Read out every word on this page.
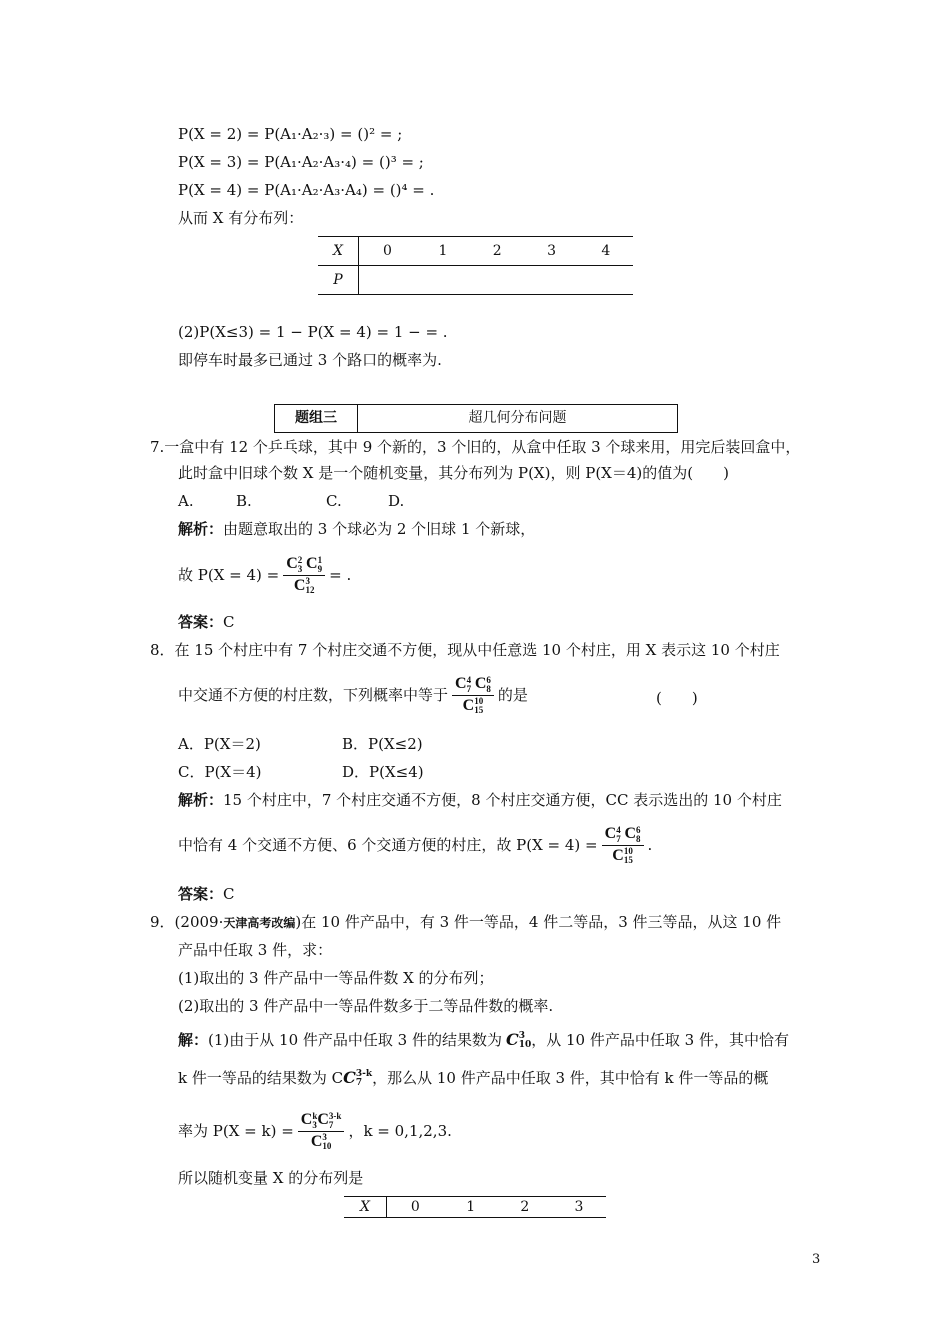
P(X = 2) = P(A₁·A₂·₃) = ()² = ;
P(X = 3) = P(A₁·A₂·A₃·₄) = ()³ = ;
P(X = 4) = P(A₁·A₂·A₃·A₄) = ()⁴ = .
从而 X 有分布列：
X	0	1	2	3	4
P					
(2)P(X≤3) = 1 − P(X = 4) = 1 − = .
即停车时最多已通过 3 个路口的概率为.
题组三	超几何分布问题
7.一盒中有 12 个乒乓球，其中 9 个新的，3 个旧的，从盒中任取 3 个球来用，用完后装回盒中，
此时盒中旧球个数 X 是一个随机变量，其分布列为 P(X)，则 P(X＝4)的值为(　　)
A.	B.	C.	D.
解析：由题意取出的 3 个球必为 2 个旧球 1 个新球，
故 P(X = 4) = C 2
3 C 1
9
C 3
12 = .
答案：C
8．在 15 个村庄中有 7 个村庄交通不方便，现从中任意选 10 个村庄，用 X 表示这 10 个村庄
中交通不方便的村庄数，下列概率中等于 C 4
7 C 6
8
C 10
15 的是	(　　)
A．P(X＝2)	B．P(X≤2)
C．P(X＝4)	D．P(X≤4)
解析：15 个村庄中，7 个村庄交通不方便，8 个村庄交通方便，CC 表示选出的 10 个村庄
中恰有 4 个交通不方便、6 个交通方便的村庄，故 P(X = 4) = C 4
7 C 6
8
C 10
15 .
答案：C
9．(2009·天津高考改编)在 10 件产品中，有 3 件一等品，4 件二等品，3 件三等品，从这 10 件
产品中任取 3 件，求：
(1)取出的 3 件产品中一等品件数 X 的分布列；
(2)取出的 3 件产品中一等品件数多于二等品件数的概率.
解： (1)由于从 10 件产品中任取 3 件的结果数为 C 3
10 ，从 10 件产品中任取 3 件，其中恰有
k 件一等品的结果数为 C C 3-k
7 ，那么从 10 件产品中任取 3 件，其中恰有 k 件一等品的概
率为 P(X = k) = C k
3 C 3-k
7
C 3
10 ，k = 0,1,2,3.
所以随机变量 X 的分布列是
X	0	1	2	3
3
